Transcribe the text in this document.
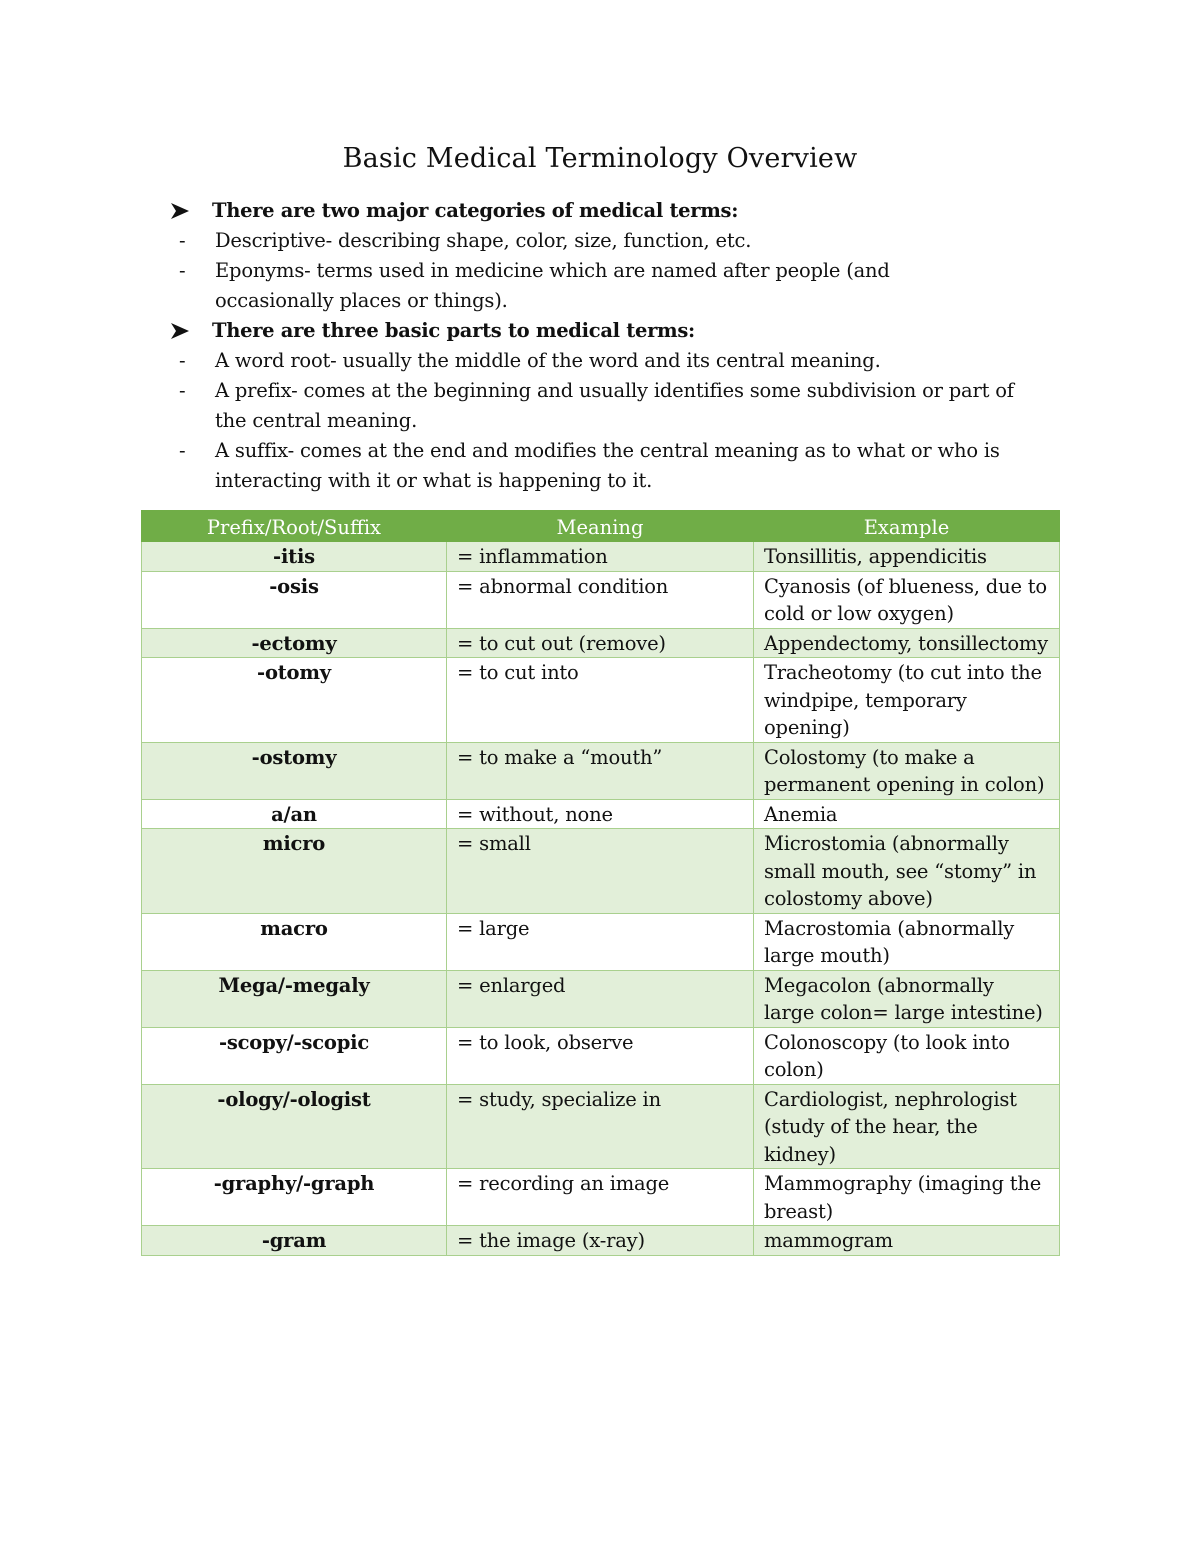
Basic Medical Terminology Overview
There are two major categories of medical terms:
-	Descriptive- describing shape, color, size, function, etc.
-	Eponyms- terms used in medicine which are named after people (and occasionally places or things).
There are three basic parts to medical terms:
-	A word root- usually the middle of the word and its central meaning.
-	A prefix- comes at the beginning and usually identifies some subdivision or part of the central meaning.
-	A suffix- comes at the end and modifies the central meaning as to what or who is interacting with it or what is happening to it.
Prefix/Root/Suffix	Meaning	Example
-itis	= inflammation	Tonsillitis, appendicitis
-osis	= abnormal condition	Cyanosis (of blueness, due to cold or low oxygen)
-ectomy	= to cut out (remove)	Appendectomy, tonsillectomy
-otomy	= to cut into	Tracheotomy (to cut into the windpipe, temporary opening)
-ostomy	= to make a “mouth”	Colostomy (to make a permanent opening in colon)
a/an	= without, none	Anemia
micro	= small	Microstomia (abnormally small mouth, see “stomy” in colostomy above)
macro	= large	Macrostomia (abnormally large mouth)
Mega/-megaly	= enlarged	Megacolon (abnormally large colon= large intestine)
-scopy/-scopic	= to look, observe	Colonoscopy (to look into colon)
-ology/-ologist	= study, specialize in	Cardiologist, nephrologist (study of the hear, the kidney)
-graphy/-graph	= recording an image	Mammography (imaging the breast)
-gram	= the image (x-ray)	mammogram
